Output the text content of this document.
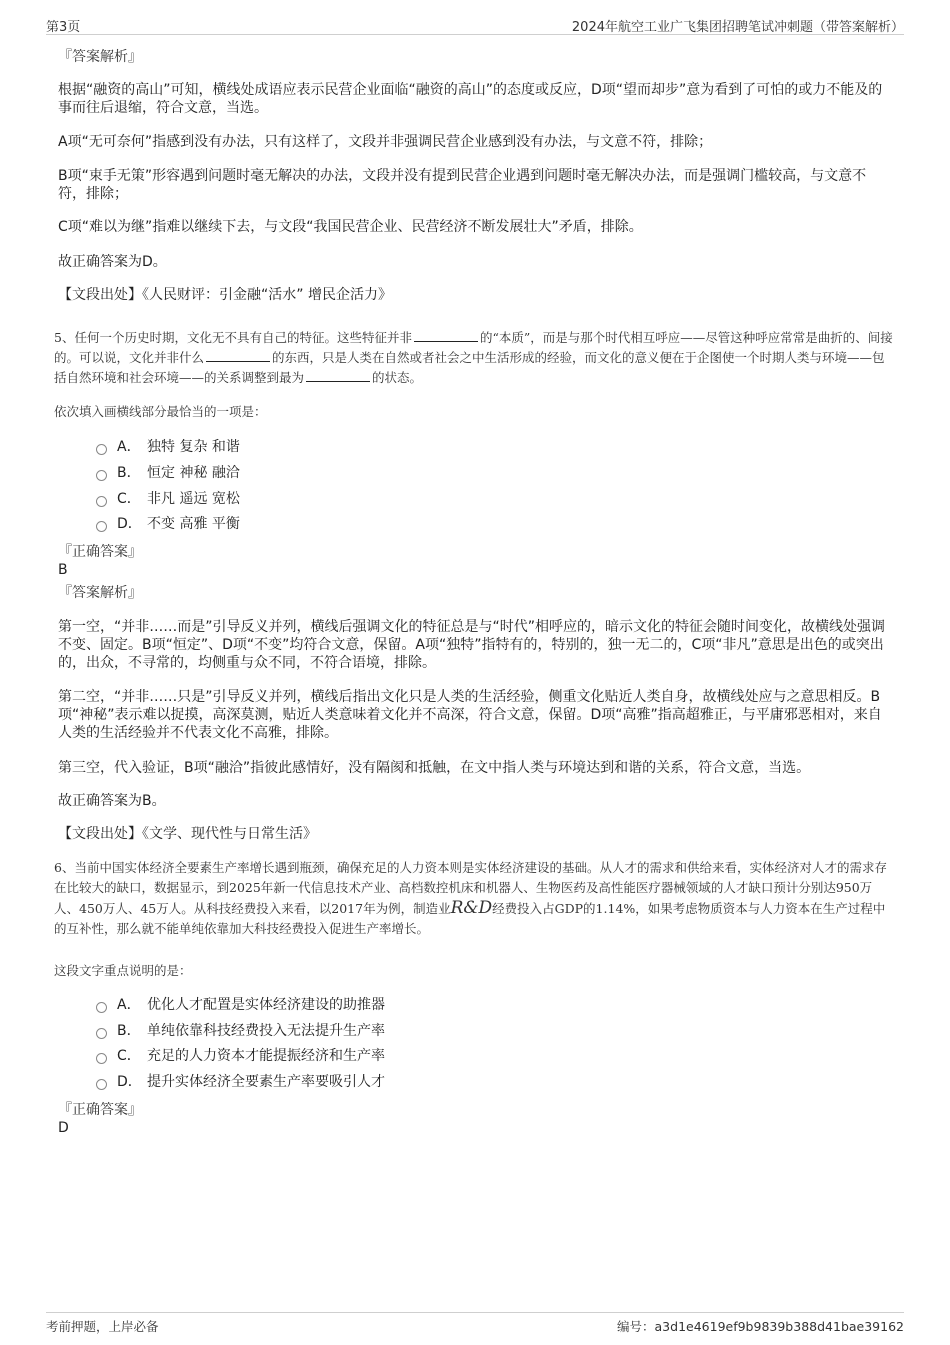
第3页	2024年航空工业广飞集团招聘笔试冲刺题（带答案解析）
『答案解析』
根据“融资的高山”可知，横线处成语应表示民营企业面临“融资的高山”的态度或反应，D项“望而却步”意为看到了可怕的或力不能及的事而往后退缩，符合文意，当选。
A项“无可奈何”指感到没有办法，只有这样了，文段并非强调民营企业感到没有办法，与文意不符，排除；
B项“束手无策”形容遇到问题时毫无解决的办法，文段并没有提到民营企业遇到问题时毫无解决办法，而是强调门槛较高，与文意不符，排除；
C项“难以为继”指难以继续下去，与文段“我国民营企业、民营经济不断发展壮大”矛盾，排除。
故正确答案为D。
【文段出处】《人民财评：引金融“活水” 增民企活力》
5、任何一个历史时期，文化无不具有自己的特征。这些特征并非	的“本质”，而是与那个时代相互呼应——尽管这种呼应常常是曲折的、间接的。可以说，文化并非什么	的东西，只是人类在自然或者社会之中生活形成的经验，而文化的意义便在于企图使一个时期人类与环境——包括自然环境和社会环境——的关系调整到最为	的状态。
依次填入画横线部分最恰当的一项是：
A． 独特 复杂 和谐
B． 恒定 神秘 融洽
C． 非凡 遥远 宽松
D． 不变 高雅 平衡
『正确答案』
B
『答案解析』
第一空，“并非……而是”引导反义并列，横线后强调文化的特征总是与“时代”相呼应的，暗示文化的特征会随时间变化，故横线处强调不变、固定。B项“恒定”、D项“不变”均符合文意，保留。A项“独特”指特有的，特别的，独一无二的，C项“非凡”意思是出色的或突出的，出众，不寻常的，均侧重与众不同，不符合语境，排除。
第二空，“并非……只是”引导反义并列，横线后指出文化只是人类的生活经验，侧重文化贴近人类自身，故横线处应与之意思相反。B项“神秘”表示难以捉摸，高深莫测，贴近人类意味着文化并不高深，符合文意，保留。D项“高雅”指高超雅正，与平庸邪恶相对，来自人类的生活经验并不代表文化不高雅，排除。
第三空，代入验证，B项“融洽”指彼此感情好，没有隔阂和抵触，在文中指人类与环境达到和谐的关系，符合文意，当选。
故正确答案为B。
【文段出处】《文学、现代性与日常生活》
6、当前中国实体经济全要素生产率增长遇到瓶颈，确保充足的人力资本则是实体经济建设的基础。从人才的需求和供给来看，实体经济对人才的需求存在比较大的缺口，数据显示，到2025年新一代信息技术产业、高档数控机床和机器人、生物医药及高性能医疗器械领域的人才缺口预计分别达950万人、450万人、45万人。从科技经费投入来看，以2017年为例，制造业R&D经费投入占GDP的1.14%，如果考虑物质资本与人力资本在生产过程中的互补性，那么就不能单纯依靠加大科技经费投入促进生产率增长。
这段文字重点说明的是：
A． 优化人才配置是实体经济建设的助推器
B． 单纯依靠科技经费投入无法提升生产率
C． 充足的人力资本才能提振经济和生产率
D． 提升实体经济全要素生产率要吸引人才
『正确答案』
D
考前押题，上岸必备	编号：a3d1e4619ef9b9839b388d41bae39162
